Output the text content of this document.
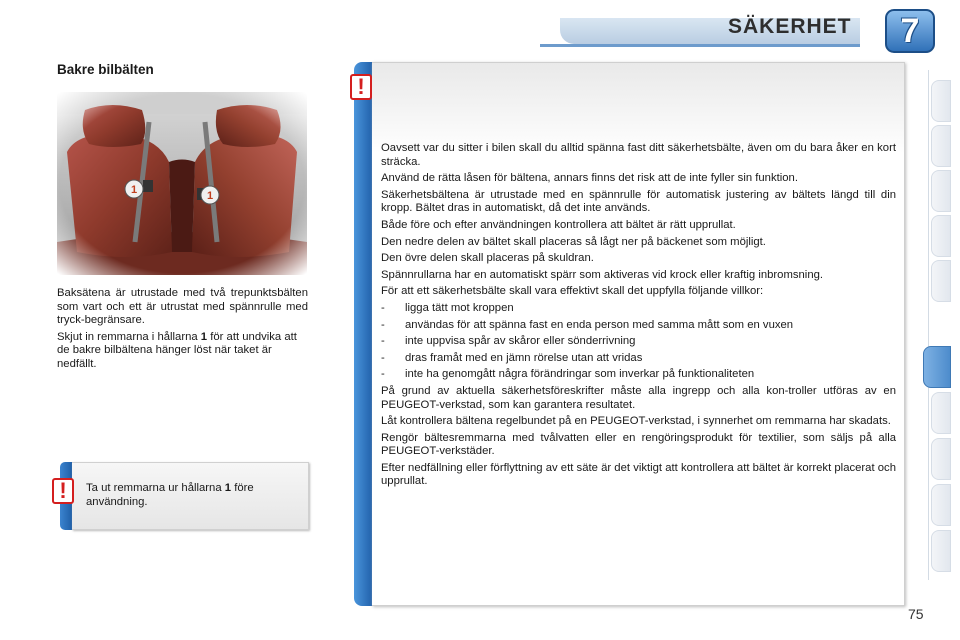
SÄKERHET	7
Bakre bilbälten

Baksätena är utrustade med två trepunktsbälten som vart och ett är utrustat med spännrulle med tryck-begränsare.

Skjut in remmarna i hållarna 1 för att undvika att de bakre bilbältena hänger löst när taket är nedfällt.

!	Ta ut remmarna ur hållarna 1 före användning.
!

Oavsett var du sitter i bilen skall du alltid spänna fast ditt säkerhetsbälte, även om du bara åker en kort sträcka.

Använd de rätta låsen för bältena, annars finns det risk att de inte fyller sin funktion.

Säkerhetsbältena är utrustade med en spännrulle för automatisk justering av bältets längd till din kropp. Bältet dras in automatiskt, då det inte används.

Både före och efter användningen kontrollera att bältet är rätt upprullat.

Den nedre delen av bältet skall placeras så lågt ner på bäckenet som möjligt.

Den övre delen skall placeras på skuldran.

Spännrullarna har en automatiskt spärr som aktiveras vid krock eller kraftig inbromsning.

För att ett säkerhetsbälte skall vara effektivt skall det uppfylla följande villkor:

-	ligga tätt mot kroppen
-	användas för att spänna fast en enda person med samma mått som en vuxen
-	inte uppvisa spår av skåror eller sönderrivning
-	dras framåt med en jämn rörelse utan att vridas
-	inte ha genomgått några förändringar som inverkar på funktionaliteten

På grund av aktuella säkerhetsföreskrifter måste alla ingrepp och alla kon-troller utföras av en PEUGEOT-verkstad, som kan garantera resultatet.

Låt kontrollera bältena regelbundet på en PEUGEOT-verkstad, i synnerhet om remmarna har skadats.

Rengör bältesremmarna med tvålvatten eller en rengöringsprodukt för textilier, som säljs på alla PEUGEOT-verkstäder.

Efter nedfällning eller förflyttning av ett säte är det viktigt att kontrollera att bältet är korrekt placerat och upprullat.

75
